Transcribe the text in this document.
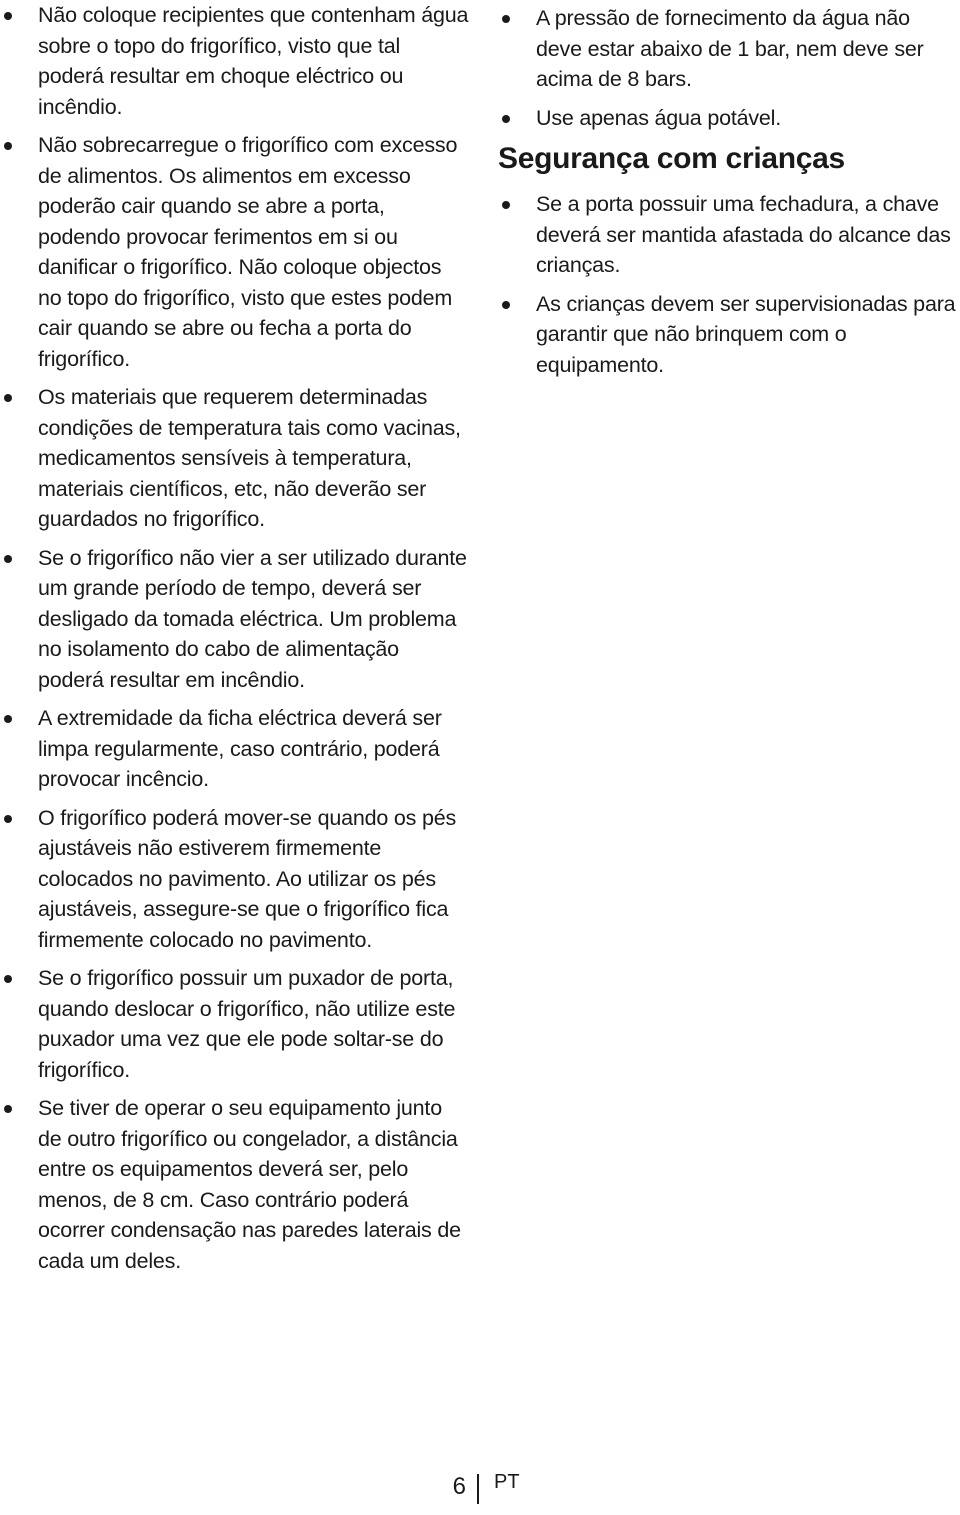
Não coloque recipientes que contenham água sobre o topo do frigorífico, visto que tal poderá resultar em choque eléctrico ou incêndio.
Não sobrecarregue o frigorífico com excesso de alimentos. Os alimentos em excesso poderão cair quando se abre a porta, podendo provocar ferimentos em si ou danificar o frigorífico. Não coloque objectos no topo do frigorífico, visto que estes podem cair quando se abre ou fecha a porta do frigorífico.
Os materiais que requerem determinadas condições de temperatura tais como vacinas, medicamentos sensíveis à temperatura, materiais científicos, etc, não deverão ser guardados no frigorífico.
Se o frigorífico não vier a ser utilizado durante um grande período de tempo, deverá ser desligado da tomada eléctrica. Um problema no isolamento do cabo de alimentação poderá resultar em incêndio.
A extremidade da ficha eléctrica deverá ser limpa regularmente, caso contrário, poderá provocar incêncio.
O frigorífico poderá mover-se quando os pés ajustáveis não estiverem firmemente colocados no pavimento. Ao utilizar os pés ajustáveis, assegure-se que o frigorífico fica firmemente colocado no pavimento.
Se o frigorífico possuir um puxador de porta, quando deslocar o frigorífico, não utilize este puxador uma vez que ele pode soltar-se do frigorífico.
Se tiver de operar o seu equipamento junto de outro frigorífico ou congelador, a distância entre os equipamentos deverá ser, pelo menos, de 8 cm. Caso contrário poderá ocorrer condensação nas paredes laterais de cada um deles.
A pressão de fornecimento da água não deve estar abaixo de 1 bar, nem deve ser acima de 8 bars.
Use apenas água potável.
Segurança com crianças
Se a porta possuir uma fechadura, a chave deverá ser mantida afastada do alcance das crianças.
As crianças devem ser supervisionadas para garantir que não brinquem com o equipamento.
6 PT
